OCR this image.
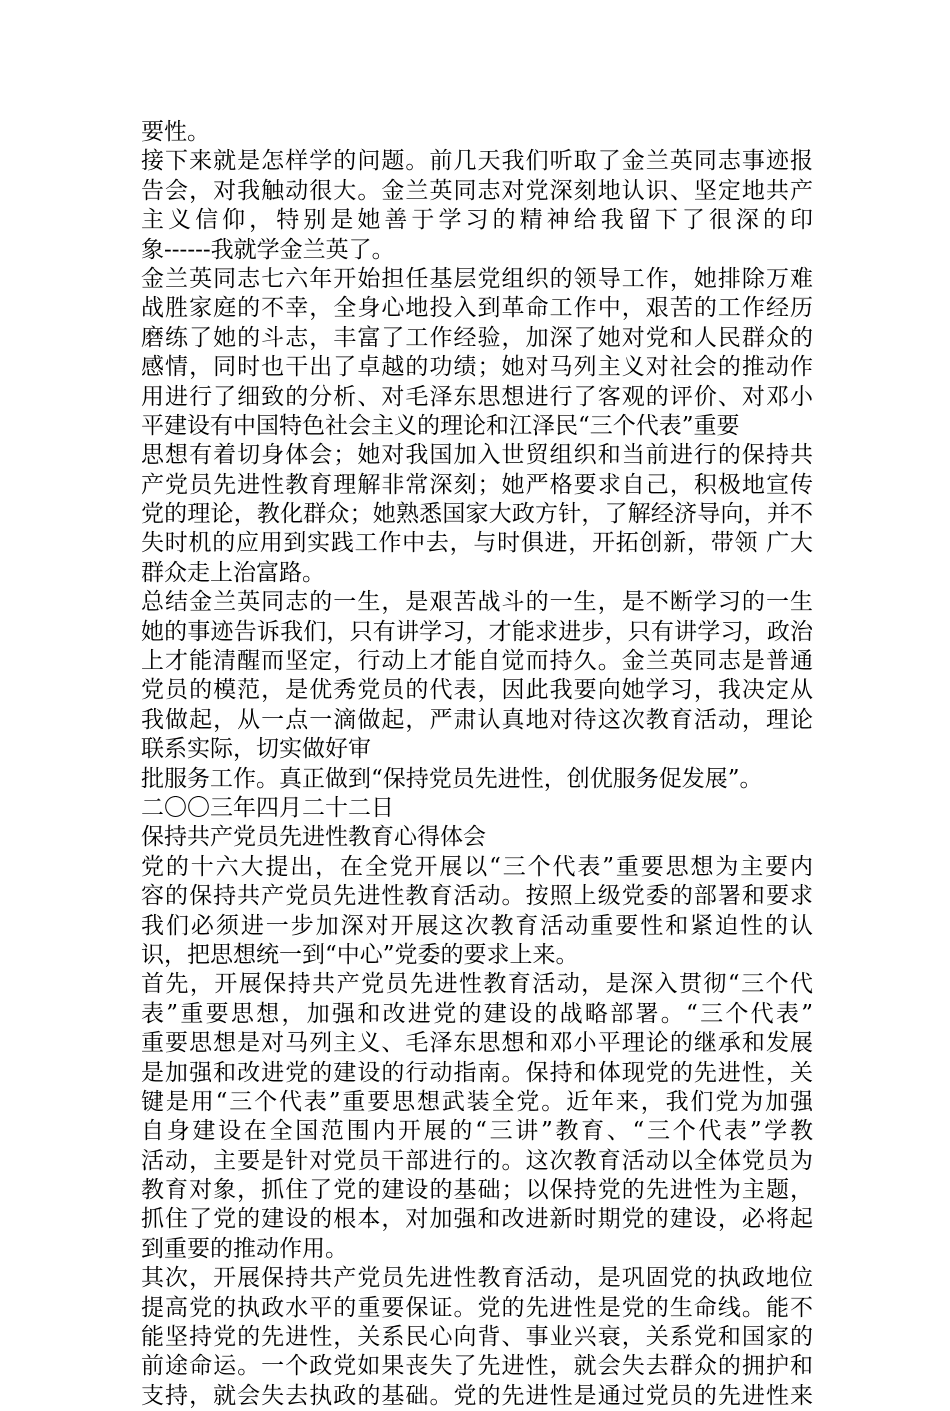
要性。
接下来就是怎样学的问题。前几天我们听取了金兰英同志事迹报
告会，对我触动很大。金兰英同志对党深刻地认识、坚定地共产
主义信仰，特别是她善于学习的精神给我留下了很深的印
象------我就学金兰英了。
金兰英同志七六年开始担任基层党组织的领导工作，她排除万难
战胜家庭的不幸，全身心地投入到革命工作中，艰苦的工作经历
磨练了她的斗志，丰富了工作经验，加深了她对党和人民群众的
感情，同时也干出了卓越的功绩；她对马列主义对社会的推动作
用进行了细致的分析、对毛泽东思想进行了客观的评价、对邓小
平建设有中国特色社会主义的理论和江泽民“三个代表”重要
思想有着切身体会；她对我国加入世贸组织和当前进行的保持共
产党员先进性教育理解非常深刻；她严格要求自己，积极地宣传
党的理论，教化群众；她熟悉国家大政方针，了解经济导向，并不
失时机的应用到实践工作中去，与时俱进，开拓创新，带领 广大
群众走上治富路。
总结金兰英同志的一生，是艰苦战斗的一生，是不断学习的一生
她的事迹告诉我们，只有讲学习，才能求进步，只有讲学习，政治
上才能清醒而坚定，行动上才能自觉而持久。金兰英同志是普通
党员的模范，是优秀党员的代表，因此我要向她学习，我决定从
我做起，从一点一滴做起，严肃认真地对待这次教育活动，理论
联系实际，切实做好审
批服务工作。真正做到“保持党员先进性，创优服务促发展”。
二〇〇三年四月二十二日
保持共产党员先进性教育心得体会
党的十六大提出，在全党开展以“三个代表”重要思想为主要内
容的保持共产党员先进性教育活动。按照上级党委的部署和要求
我们必须进一步加深对开展这次教育活动重要性和紧迫性的认
识，把思想统一到“中心”党委的要求上来。
首先，开展保持共产党员先进性教育活动，是深入贯彻“三个代
表”重要思想，加强和改进党的建设的战略部署。“三个代表”
重要思想是对马列主义、毛泽东思想和邓小平理论的继承和发展
是加强和改进党的建设的行动指南。保持和体现党的先进性，关
键是用“三个代表”重要思想武装全党。近年来，我们党为加强
自身建设在全国范围内开展的“三讲”教育、“三个代表”学教
活动，主要是针对党员干部进行的。这次教育活动以全体党员为
教育对象，抓住了党的建设的基础；以保持党的先进性为主题，
抓住了党的建设的根本，对加强和改进新时期党的建设，必将起
到重要的推动作用。
其次，开展保持共产党员先进性教育活动，是巩固党的执政地位
提高党的执政水平的重要保证。党的先进性是党的生命线。能不
能坚持党的先进性，关系民心向背、事业兴衰，关系党和国家的
前途命运。一个政党如果丧失了先进性，就会失去群众的拥护和
支持，就会失去执政的基础。党的先进性是通过党员的先进性来
